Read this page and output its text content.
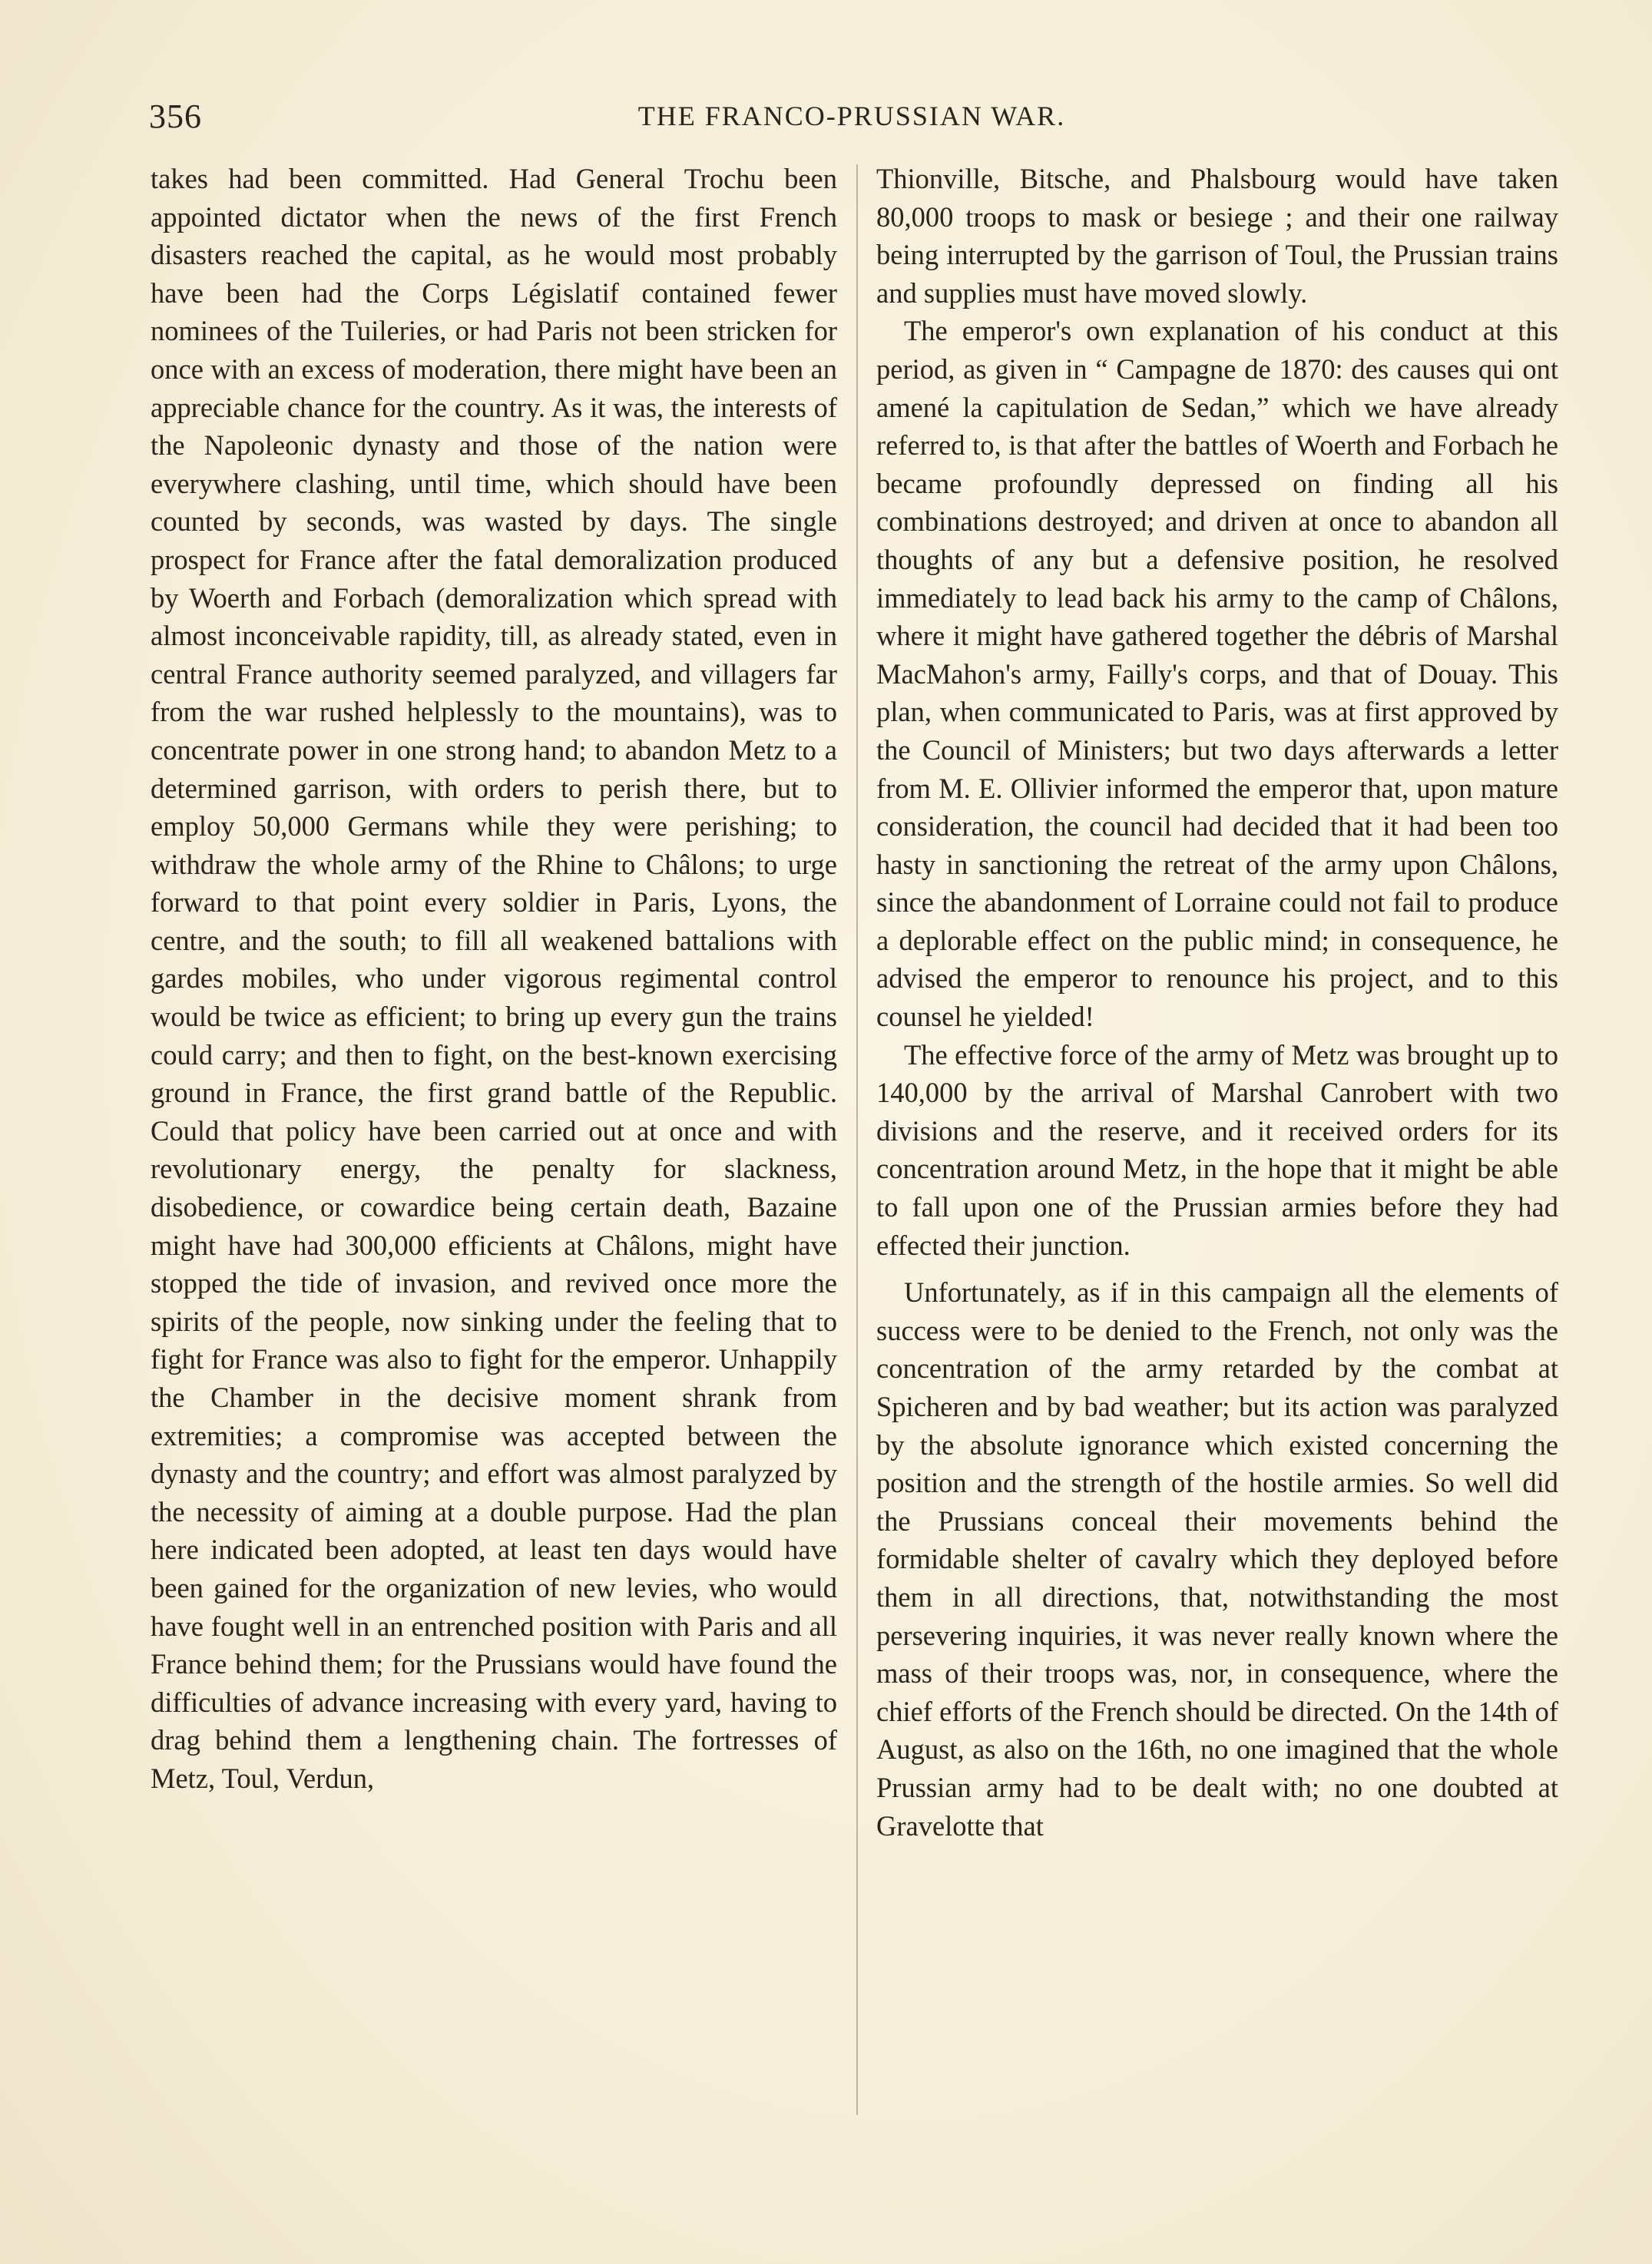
356	THE FRANCO-PRUSSIAN WAR.

takes had been committed. Had General Trochu been appointed dictator when the news of the first French disasters reached the capital, as he would most probably have been had the Corps Législatif contained fewer nominees of the Tuileries, or had Paris not been stricken for once with an excess of moderation, there might have been an appreciable chance for the country. As it was, the interests of the Napoleonic dynasty and those of the nation were everywhere clashing, until time, which should have been counted by seconds, was wasted by days. The single prospect for France after the fatal demoralization produced by Woerth and Forbach (demoralization which spread with almost inconceivable rapidity, till, as already stated, even in central France authority seemed paralyzed, and villagers far from the war rushed helplessly to the mountains), was to concentrate power in one strong hand; to abandon Metz to a determined garrison, with orders to perish there, but to employ 50,000 Germans while they were perishing; to withdraw the whole army of the Rhine to Châlons; to urge forward to that point every soldier in Paris, Lyons, the centre, and the south; to fill all weakened battalions with gardes mobiles, who under vigorous regimental control would be twice as efficient; to bring up every gun the trains could carry; and then to fight, on the best-known exercising ground in France, the first grand battle of the Republic. Could that policy have been carried out at once and with revolutionary energy, the penalty for slackness, disobedience, or cowardice being certain death, Bazaine might have had 300,000 efficients at Châlons, might have stopped the tide of invasion, and revived once more the spirits of the people, now sinking under the feeling that to fight for France was also to fight for the emperor. Unhappily the Chamber in the decisive moment shrank from extremities; a compromise was accepted between the dynasty and the country; and effort was almost paralyzed by the necessity of aiming at a double purpose. Had the plan here indicated been adopted, at least ten days would have been gained for the organization of new levies, who would have fought well in an entrenched position with Paris and all France behind them; for the Prussians would have found the difficulties of advance increasing with every yard, having to drag behind them a lengthening chain. The fortresses of Metz, Toul, Verdun,

Thionville, Bitsche, and Phalsbourg would have taken 80,000 troops to mask or besiege ; and their one railway being interrupted by the garrison of Toul, the Prussian trains and supplies must have moved slowly.

The emperor's own explanation of his conduct at this period, as given in “ Campagne de 1870: des causes qui ont amené la capitulation de Sedan,” which we have already referred to, is that after the battles of Woerth and Forbach he became profoundly depressed on finding all his combinations destroyed; and driven at once to abandon all thoughts of any but a defensive position, he resolved immediately to lead back his army to the camp of Châlons, where it might have gathered together the débris of Marshal MacMahon's army, Failly's corps, and that of Douay. This plan, when communicated to Paris, was at first approved by the Council of Ministers; but two days afterwards a letter from M. E. Ollivier informed the emperor that, upon mature consideration, the council had decided that it had been too hasty in sanctioning the retreat of the army upon Châlons, since the abandonment of Lorraine could not fail to produce a deplorable effect on the public mind; in consequence, he advised the emperor to renounce his project, and to this counsel he yielded!

The effective force of the army of Metz was brought up to 140,000 by the arrival of Marshal Canrobert with two divisions and the reserve, and it received orders for its concentration around Metz, in the hope that it might be able to fall upon one of the Prussian armies before they had effected their junction.

Unfortunately, as if in this campaign all the elements of success were to be denied to the French, not only was the concentration of the army retarded by the combat at Spicheren and by bad weather; but its action was paralyzed by the absolute ignorance which existed concerning the position and the strength of the hostile armies. So well did the Prussians conceal their movements behind the formidable shelter of cavalry which they deployed before them in all directions, that, notwithstanding the most persevering inquiries, it was never really known where the mass of their troops was, nor, in consequence, where the chief efforts of the French should be directed. On the 14th of August, as also on the 16th, no one imagined that the whole Prussian army had to be dealt with; no one doubted at Gravelotte that
